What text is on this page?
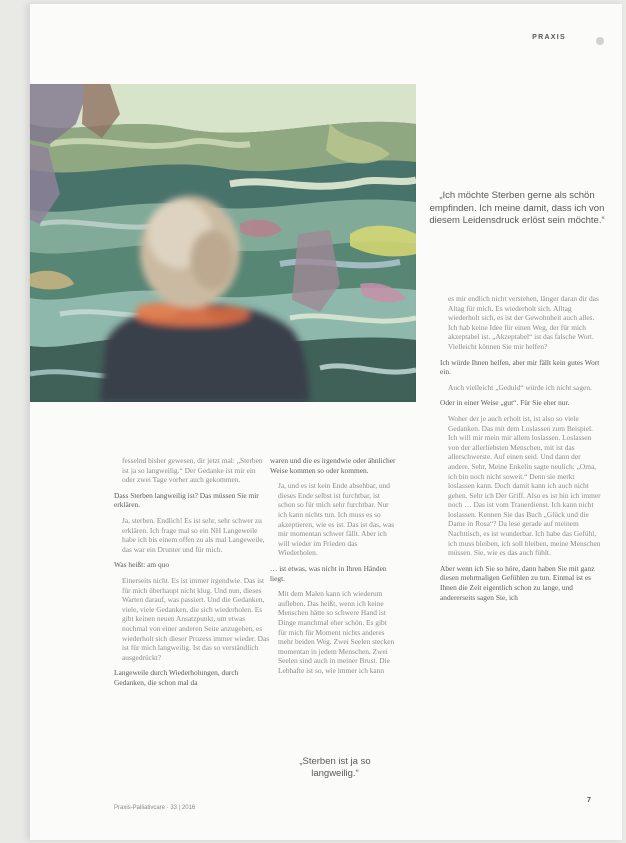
PRAXIS
„Ich möchte Sterben gerne als schön empfinden. Ich meine damit, dass ich von diesem Leidensdruck erlöst sein möchte.“

fesselnd bisher gewesen, dir jetzt mal: „Sterben ist ja so langweilig.“ Der Gedanke ist mir ein oder zwei Tage vorher auch gekommen.

Dass Sterben langweilig ist? Das müssen Sie mir erklären.

Ja, sterben. Endlich! Es ist sehr, sehr schwer zu erklären. Ich frage mal so ein NH Langeweile habe ich bis einem offen zu als mal Langeweile, das war ein Drunter und für mich.

Was heißt: am quo

Einerseits nicht. Es ist immer irgendwie. Das ist für mich überhaupt nicht klug. Und nun, dieses Warten darauf, was passiert. Und die Gedanken, viele, viele Gedanken, die sich wiederholen. Es gibt keinen neuen Ansatzpunkt, um etwas nochmal von einer anderen Seite anzugehen, es wiederholt sich dieser Prozess immer wieder. Das ist für mich langweilig. Ist das so verständlich ausgedrückt?

Langeweile durch Wiederholungen, durch Gedanken, die schon mal da

waren und die es irgendwie oder ähnlicher Weise kommen so oder kommen.

Ja, und es ist kein Ende absehbar, und dieses Ende selbst ist furchtbar, ist schon so für mich sehr furchtbar. Nur ich kann nichts tun. Ich muss es so akzeptieren, wie es ist. Das ist das, was mir momentan schwer fällt. Aber ich will wieder im Frieden das Wiederholen.

… ist etwas, was nicht in Ihren Händen liegt.

Mit dem Malen kann ich wiederum aufleben. Das heißt, wenn ich keine Menschen hätte so schwere Hand ist Dinge manchmal eher schön. Es gibt für mich für Moment nichts anderes mehr beiden Weg. Zwei Seelen stecken momentan in jedem Menschen. Zwei Seelen sind auch in meiner Brust. Die Lebhafte ist so, wie immer ich kann

„Sterben ist ja so langweilig.“

es mir endlich nicht verstehen, länger daran dir das Altag für mich. Es wiederholt sich. Alltag wiederholt sich, es ist der Gewohnheit auch alles. Ich hab keine Idee für einen Weg, der für mich akzeptabel ist. „Akzeptabel“ ist das falsche Wort. Vielleicht können Sie mir helfen?

Ich würde Ihnen helfen, aber mir fällt kein gutes Wort ein.

Auch vielleicht „Geduld“ würde ich nicht sagen.

Oder in einer Weise „gut“. Für Sie eher nur.

Woher der je auch erholt ist, ist also so viele Gedanken. Das mit dem Loslassen zum Beispiel. Ich will mir mein mir allem loslassen. Loslassen von der allerliebsten Menschen, mit ist das allerschwerste. Auf einen seid. Und dann der andere. Sehr, Meine Enkelin sagte neulich: „Oma, ich bin noch nicht soweit.“ Denn sie merkt loslassen kann. Doch damit kann ich auch nicht gehen. Sehr ich Der Griff. Also es ist hin ich immer noch … Das ist vom Trauerdienst. Ich kann nicht loslassen. Kennen Sie das Buch „Glück und die Dame in Rosa“? Da lese gerade auf meinem Nachttisch, es ist wunderbar. Ich habe das Gefühl, ich muss bleiben, ich soll bleiben, meine Menschen müssen. Sie, wie es das auch fühlt.

Aber wenn ich Sie so höre, dann haben Sie mit ganz diesen mehrmaligen Gefühlen zu tun. Einmal ist es Ihnen die Zeit eigentlich schon zu lange, und andererseits sagen Sie, ich

Praxis-Palliativcare · 33 | 2016
7
